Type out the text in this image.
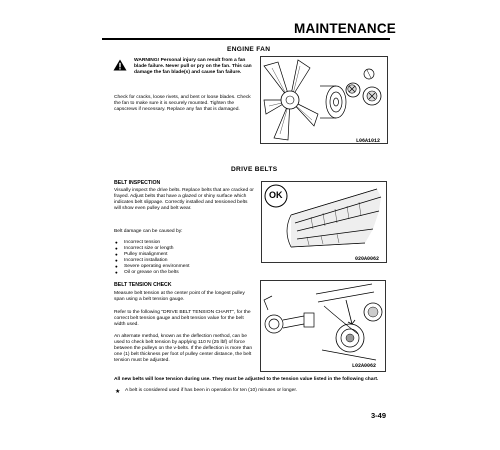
MAINTENANCE
ENGINE FAN
WARNING! Personal injury can result from a fan blade failure. Never pull or pry on the fan. This can damage the fan blade(s) and cause fan failure.
Check for cracks, loose rivets, and bent or loose blades. Check the fan to make sure it is securely mounted. Tighten the capscrews if necessary. Replace any fan that is damaged.
L06A1012
DRIVE BELTS
BELT INSPECTION
Visually inspect the drive belts. Replace belts that are cracked or frayed. Adjust belts that have a glazed or shiny surface which indicates belt slippage. Correctly installed and tensioned belts will show even pulley and belt wear.
Belt damage can be caused by:
● Incorrect tension
● Incorrect size or length
● Pulley misalignment
● Incorrect installation
● Severe operating environment
● Oil or grease on the belts
OK
020A0062
BELT TENSION CHECK
Measure belt tension at the center point of the longest pulley span using a belt tension gauge.
Refer to the following "DRIVE BELT TENSION CHART", for the correct belt tension gauge and belt tension value for the belt width used.
An alternate method, known as the deflection method, can be used to check belt tension by applying 110 N (25 lbf) of force between the pulleys on the v-belts. If the deflection is more than one (1) belt thickness per foot of pulley center distance, the belt tension must be adjusted.
L02A0062
All new belts will lose tension during use. They must be adjusted to the tension value listed in the following chart.
★ A belt is considered used if has been in operation for ten (10) minutes or longer.
3-49
